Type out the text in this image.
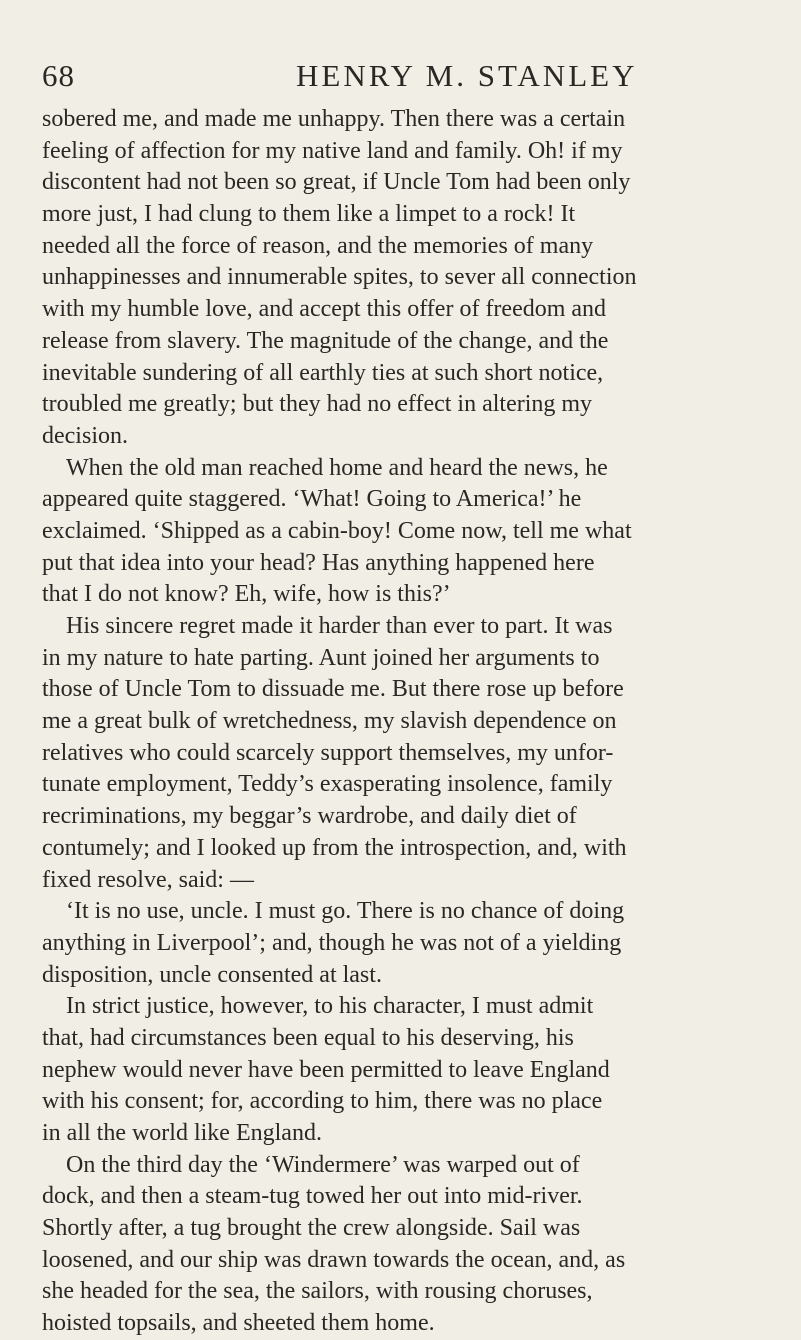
68	HENRY M. STANLEY
sobered me, and made me unhappy. Then there was a certain
feeling of affection for my native land and family. Oh! if my
discontent had not been so great, if Uncle Tom had been only
more just, I had clung to them like a limpet to a rock! It
needed all the force of reason, and the memories of many
unhappinesses and innumerable spites, to sever all connection
with my humble love, and accept this offer of freedom and
release from slavery. The magnitude of the change, and the
inevitable sundering of all earthly ties at such short notice,
troubled me greatly; but they had no effect in altering my
decision.
When the old man reached home and heard the news, he
appeared quite staggered. ‘What! Going to America!’ he
exclaimed. ‘Shipped as a cabin-boy! Come now, tell me what
put that idea into your head? Has anything happened here
that I do not know? Eh, wife, how is this?’
His sincere regret made it harder than ever to part. It was
in my nature to hate parting. Aunt joined her arguments to
those of Uncle Tom to dissuade me. But there rose up before
me a great bulk of wretchedness, my slavish dependence on
relatives who could scarcely support themselves, my unfor-
tunate employment, Teddy’s exasperating insolence, family
recriminations, my beggar’s wardrobe, and daily diet of
contumely; and I looked up from the introspection, and, with
fixed resolve, said: —
‘It is no use, uncle. I must go. There is no chance of doing
anything in Liverpool’; and, though he was not of a yielding
disposition, uncle consented at last.
In strict justice, however, to his character, I must admit
that, had circumstances been equal to his deserving, his
nephew would never have been permitted to leave England
with his consent; for, according to him, there was no place
in all the world like England.
On the third day the ‘Windermere’ was warped out of
dock, and then a steam-tug towed her out into mid-river.
Shortly after, a tug brought the crew alongside. Sail was
loosened, and our ship was drawn towards the ocean, and, as
she headed for the sea, the sailors, with rousing choruses,
hoisted topsails, and sheeted them home.
